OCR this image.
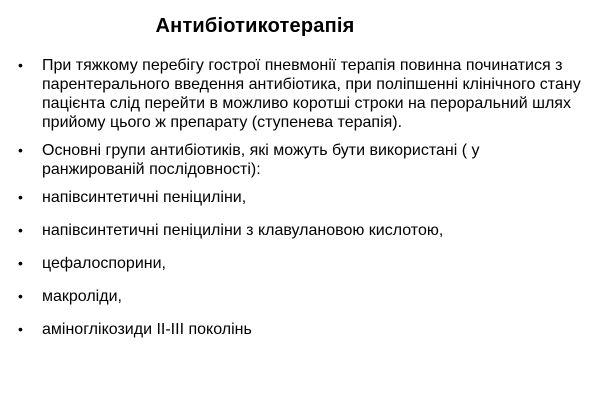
Антибіотикотерапія
•	При тяжкому перебігу гострої пневмонії терапія повинна починатися з парентерального введення антибіотика, при поліпшенні клінічного стану пацієнта слід перейти в можливо коротші строки на пероральний шлях прийому цього ж препарату (ступенева терапія).
•	Основні групи антибіотиків, які можуть бути використані ( у ранжированій послідовності):
•	напівсинтетичні пеніциліни,
•	напівсинтетичні пеніциліни з клавулановою кислотою,
•	цефалоспорини,
•	макроліди,
•	аміноглікозиди ІІ-ІІІ поколінь
